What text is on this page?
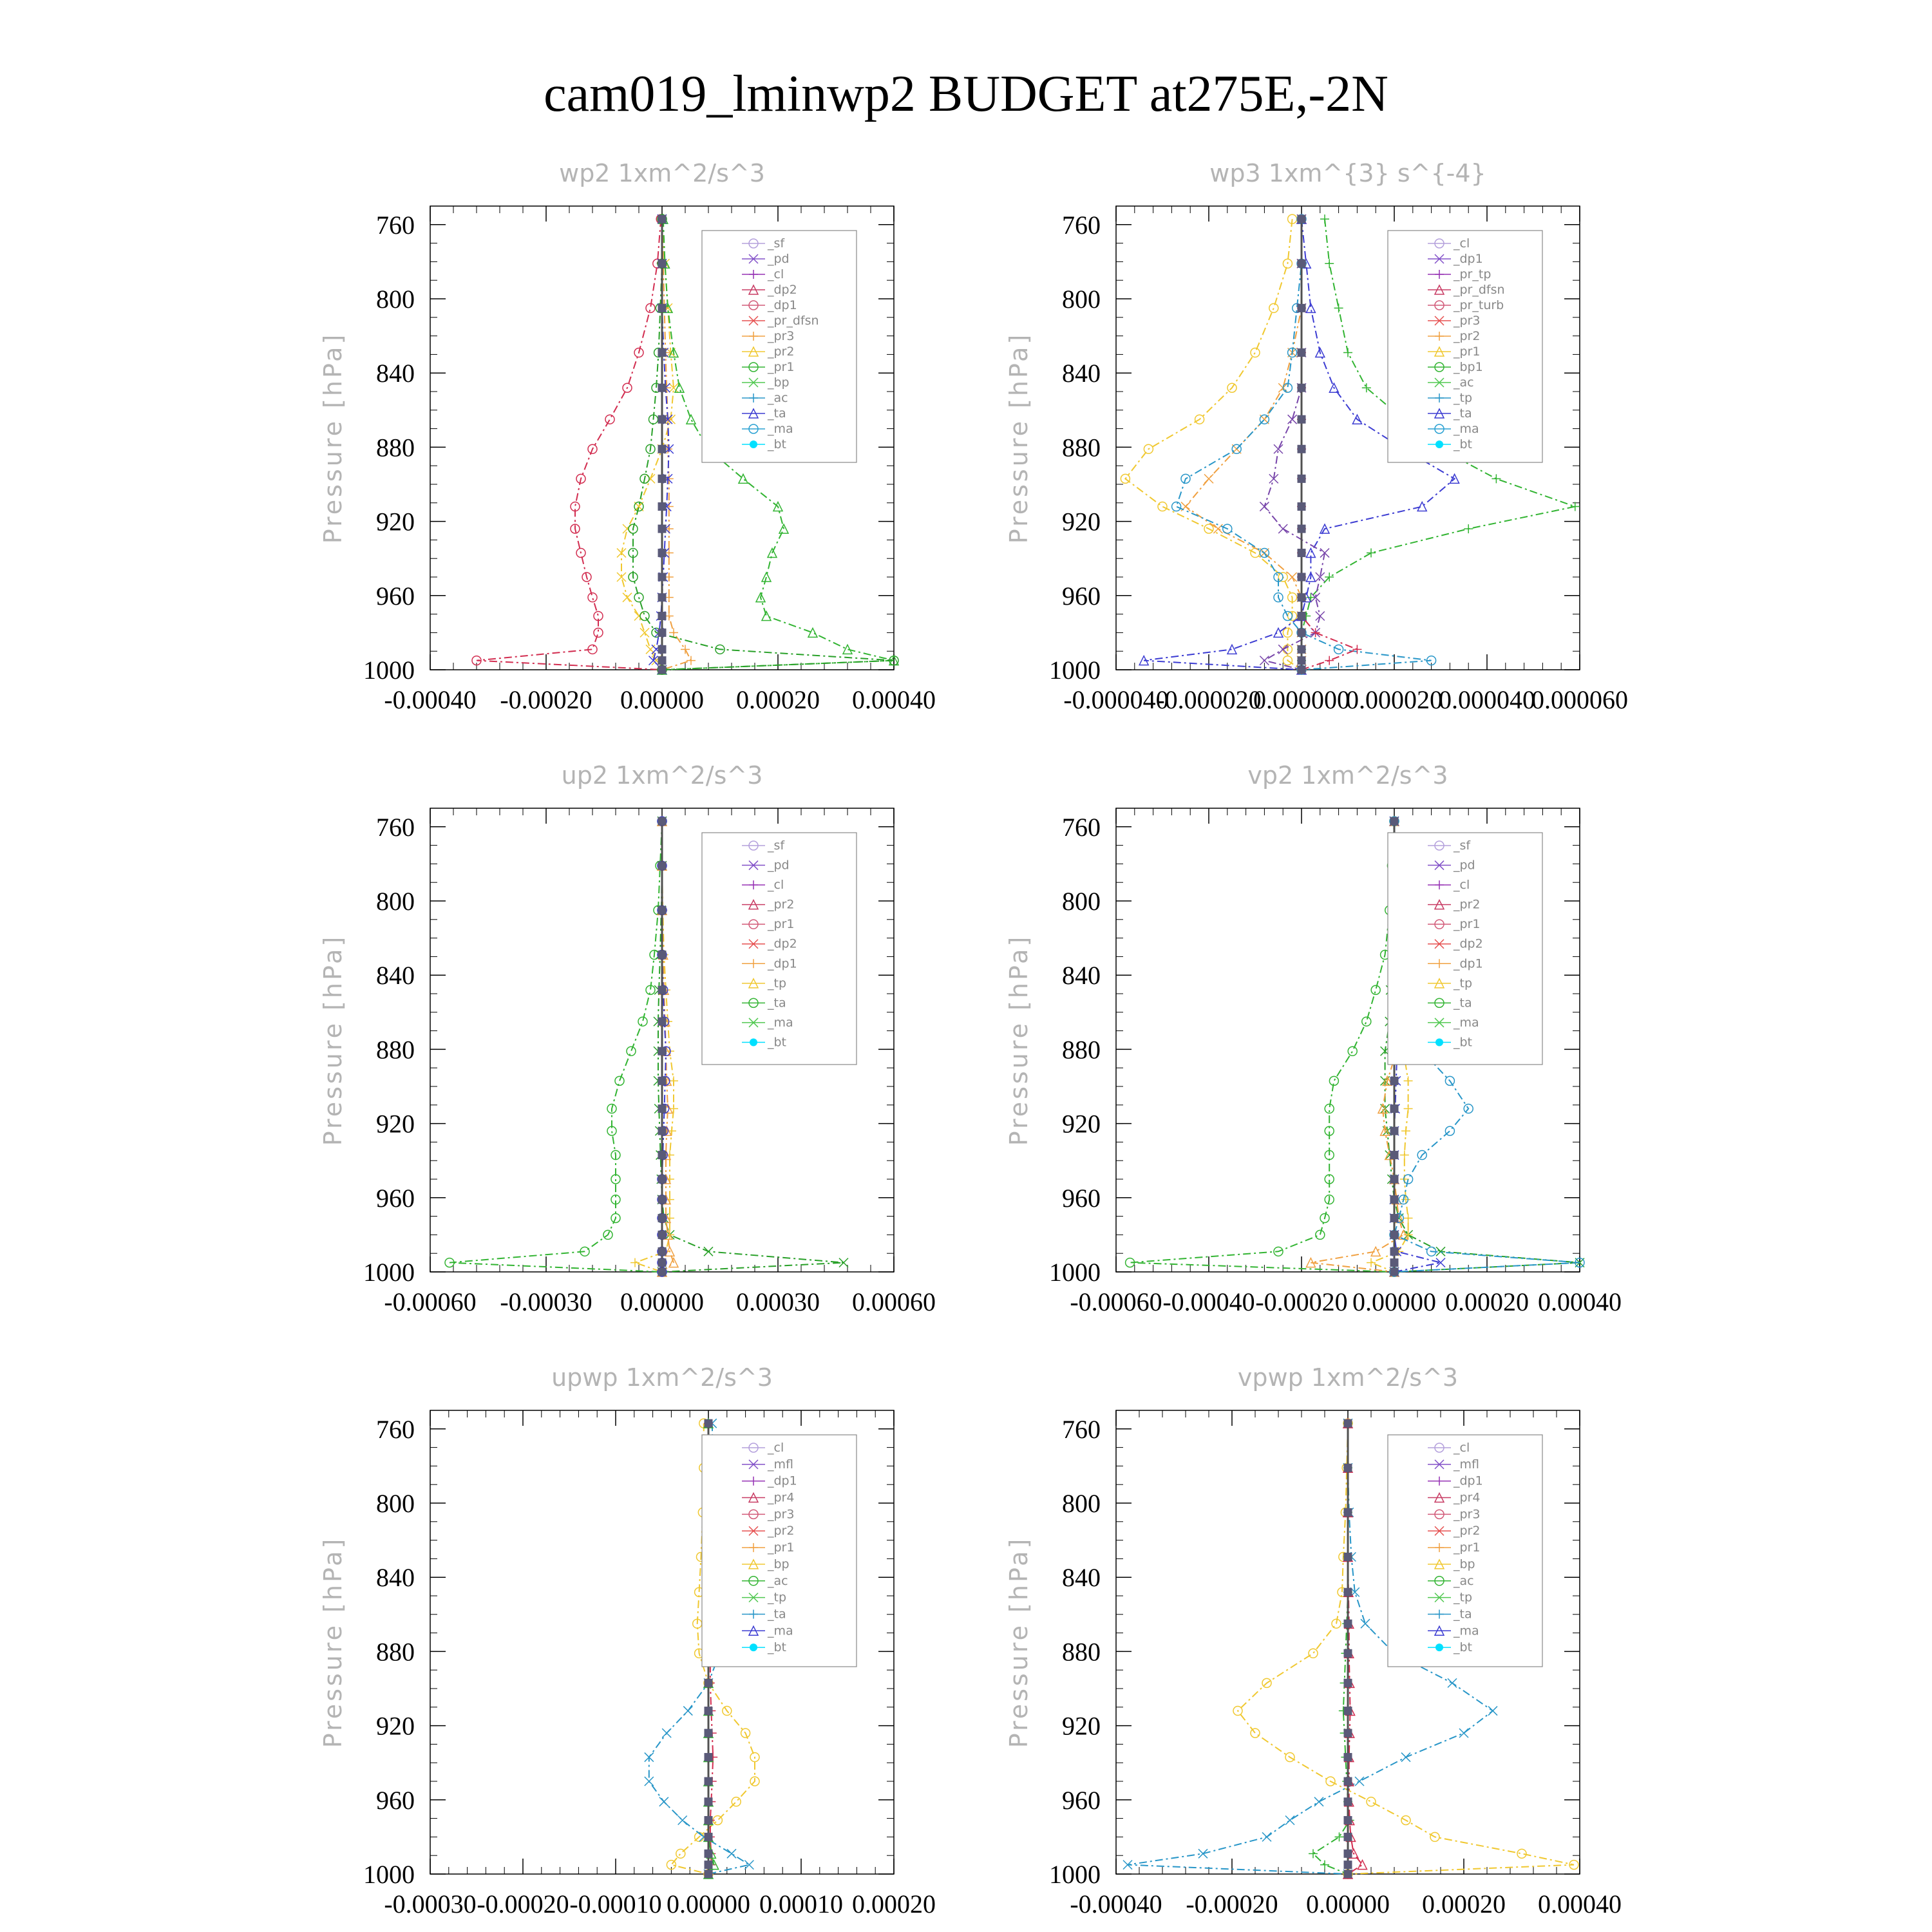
cam019_lminwp2 BUDGET at275E,-2N
wp2 1xm^2/s^3
760
800
840
880
920
960
1000
-0.00040 -0.00020 0.00000 0.00020 0.00040
Pressure [hPa]
_sf
_pd
_cl
_dp2
_dp1
_pr_dfsn
_pr3
_pr2
_pr1
_bp
_ac
_ta
_ma
_bt
wp3 1xm^{3} s^{-4}
760
800
840
880
920
960
1000
-0.000040
-0.000020
0.000000
0.000020
0.000040
0.000060
Pressure [hPa]
_cl
_dp1
_pr_tp
_pr_dfsn
_pr_turb
_pr3
_pr2
_pr1
_bp1
_ac
_tp
_ta
_ma
_bt
up2 1xm^2/s^3
760
800
840
880
920
960
1000
-0.00060 -0.00030 0.00000 0.00030 0.00060
Pressure [hPa]
_sf
_pd
_cl
_pr2
_pr1
_dp2
_dp1
_tp
_ta
_ma
_bt
vp2 1xm^2/s^3
760
800
840
880
920
960
1000
-0.00060 -0.00040 -0.00020 0.00000 0.00020 0.00040
Pressure [hPa]
_sf
_pd
_cl
_pr2
_pr1
_dp2
_dp1
_tp
_ta
_ma
_bt
upwp 1xm^2/s^3
760
800
840
880
920
960
1000
-0.00030 -0.00020 -0.00010 0.00000 0.00010 0.00020
Pressure [hPa]
_cl
_mfl
_dp1
_pr4
_pr3
_pr2
_pr1
_bp
_ac
_tp
_ta
_ma
_bt
vpwp 1xm^2/s^3
760
800
840
880
920
960
1000
-0.00040 -0.00020 0.00000 0.00020 0.00040
Pressure [hPa]
_cl
_mfl
_dp1
_pr4
_pr3
_pr2
_pr1
_bp
_ac
_tp
_ta
_ma
_bt
